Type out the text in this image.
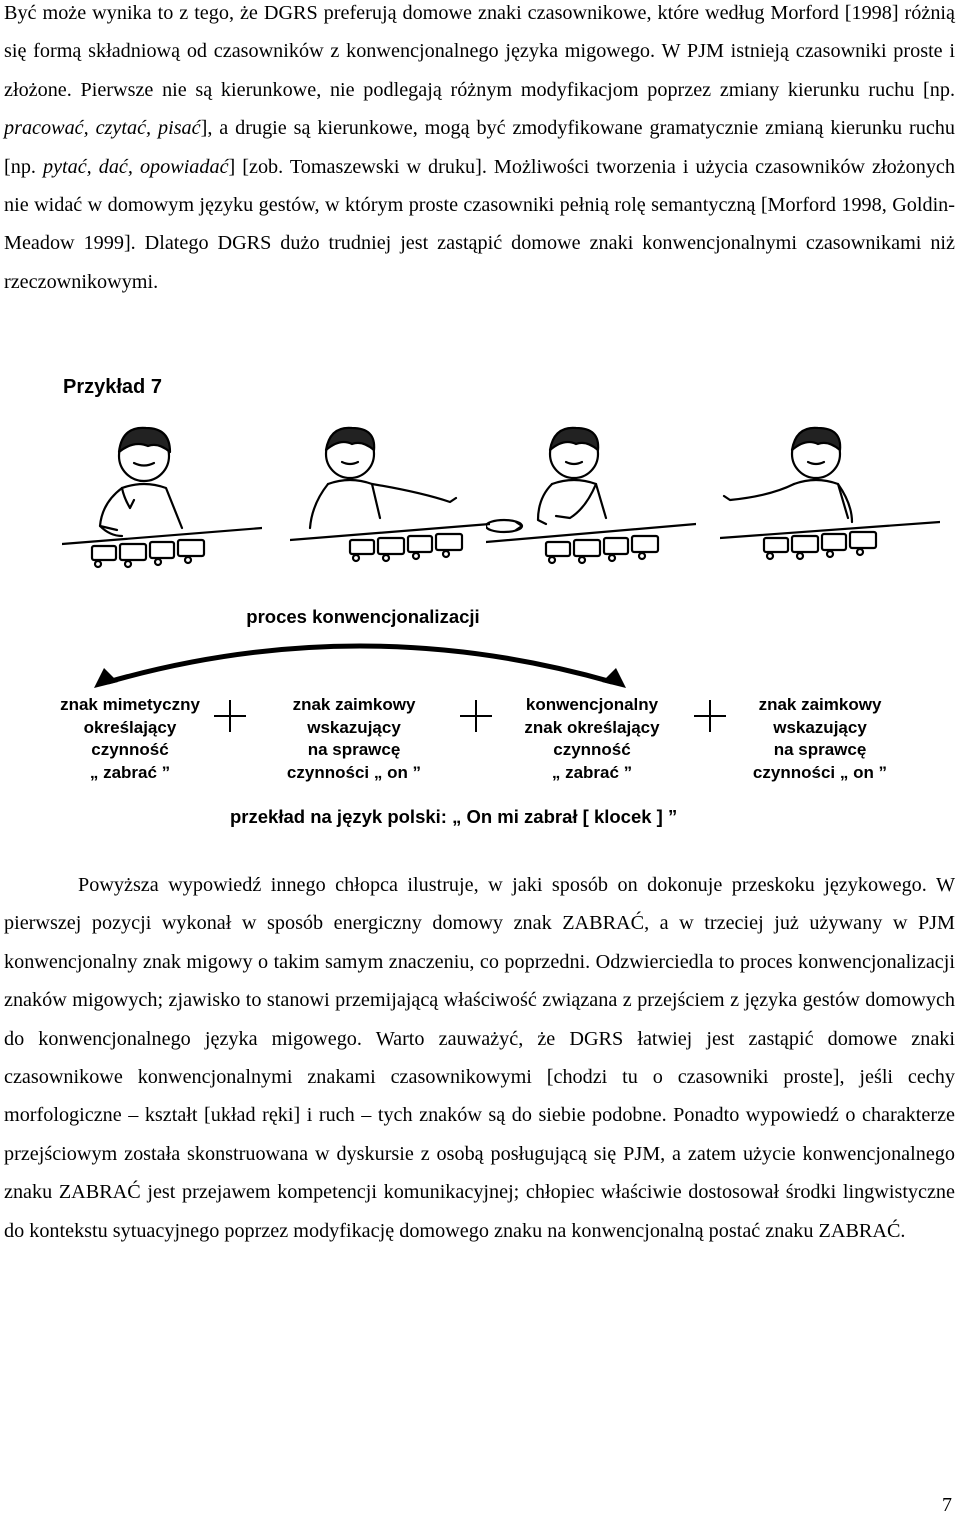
Być może wynika to z tego, że DGRS preferują domowe znaki czasownikowe, które według Morford [1998] różnią się formą składniową od czasowników z konwencjonalnego języka migowego. W PJM istnieją czasowniki proste i złożone. Pierwsze nie są kierunkowe, nie podlegają różnym modyfikacjom poprzez zmiany kierunku ruchu [np. pracować, czytać, pisać], a drugie są kierunkowe, mogą być zmodyfikowane gramatycznie zmianą kierunku ruchu [np. pytać, dać, opowiadać] [zob. Tomaszewski w druku]. Możliwości tworzenia i użycia czasowników złożonych nie widać w domowym języku gestów, w którym proste czasowniki pełnią rolę semantyczną [Morford 1998, Goldin-Meadow 1999]. Dlatego DGRS dużo trudniej jest zastąpić domowe znaki konwencjonalnymi czasownikami niż rzeczownikowymi.

Przykład 7
proces konwencjonalizacji
znak mimetyczny
określający
czynność
„ zabrać ”
znak zaimkowy
wskazujący
na sprawcę
czynności „ on ”
konwencjonalny
znak określający
czynność
„ zabrać ”
znak zaimkowy
wskazujący
na sprawcę
czynności „ on ”
przekład na język polski: „ On mi zabrał [ klocek ] ”

Powyższa wypowiedź innego chłopca ilustruje, w jaki sposób on dokonuje przeskoku językowego. W pierwszej pozycji wykonał w sposób energiczny domowy znak ZABRAĆ, a w trzeciej już używany w PJM konwencjonalny znak migowy o takim samym znaczeniu, co poprzedni. Odzwierciedla to proces konwencjonalizacji znaków migowych; zjawisko to stanowi przemijającą właściwość związana z przejściem z języka gestów domowych do konwencjonalnego języka migowego. Warto zauważyć, że DGRS łatwiej jest zastąpić domowe znaki czasownikowe konwencjonalnymi znakami czasownikowymi [chodzi tu o czasowniki proste], jeśli cechy morfologiczne – kształt [układ ręki] i ruch – tych znaków są do siebie podobne. Ponadto wypowiedź o charakterze przejściowym została skonstruowana w dyskursie z osobą posługującą się PJM, a zatem użycie konwencjonalnego znaku ZABRAĆ jest przejawem kompetencji komunikacyjnej; chłopiec właściwie dostosował środki lingwistyczne do kontekstu sytuacyjnego poprzez modyfikację domowego znaku na konwencjonalną postać znaku ZABRAĆ.

7
